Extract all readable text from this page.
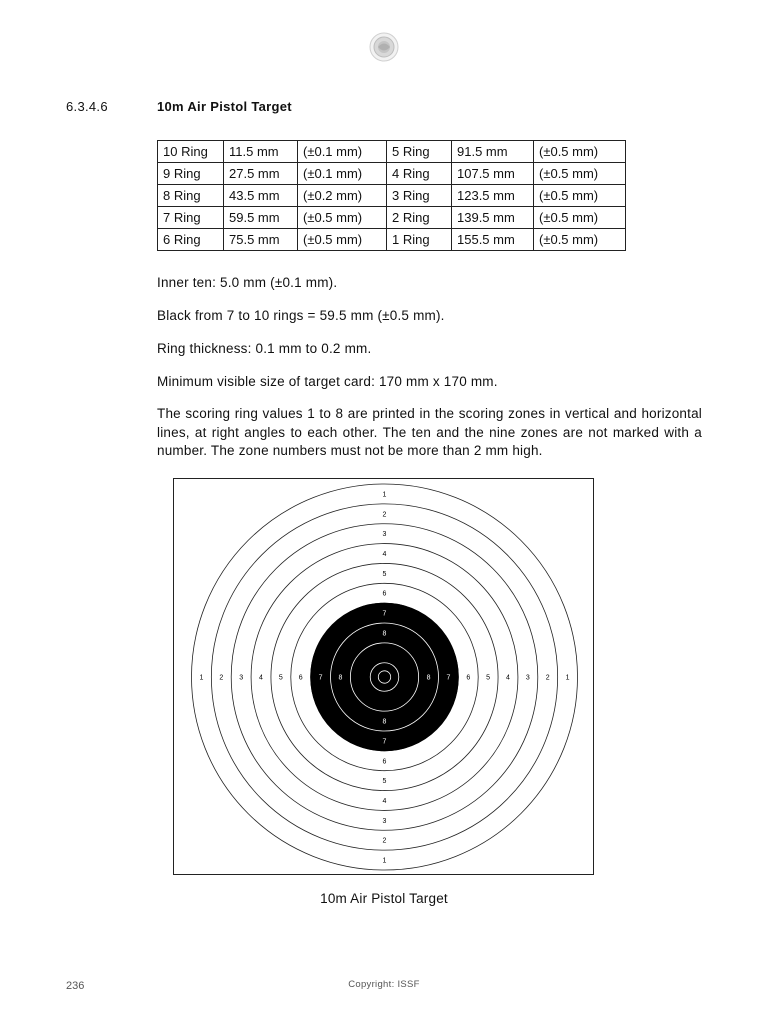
6.3.4.6	10m Air Pistol Target
10 Ring	11.5 mm	(±0.1 mm)	5 Ring	91.5 mm	(±0.5 mm)
9 Ring	27.5 mm	(±0.1 mm)	4 Ring	107.5 mm	(±0.5 mm)
8 Ring	43.5 mm	(±0.2 mm)	3 Ring	123.5 mm	(±0.5 mm)
7 Ring	59.5 mm	(±0.5 mm)	2 Ring	139.5 mm	(±0.5 mm)
6 Ring	75.5 mm	(±0.5 mm)	1 Ring	155.5 mm	(±0.5 mm)

Inner ten: 5.0 mm (±0.1 mm).

Black from 7 to 10 rings = 59.5 mm (±0.5 mm).

Ring thickness: 0.1 mm to 0.2 mm.

Minimum visible size of target card: 170 mm x 170 mm.

The scoring ring values 1 to 8 are printed in the scoring zones in vertical and horizontal lines, at right angles to each other. The ten and the nine zones are not marked with a number. The zone numbers must not be more than 2 mm high.

1
1
1	1
2
2
2	2
3
3
3	3
4
4
4	4
5
5
5	5
6
6
6	6
7
7
7	7
8
8
8	8
10m Air Pistol Target
236	Copyright: ISSF
